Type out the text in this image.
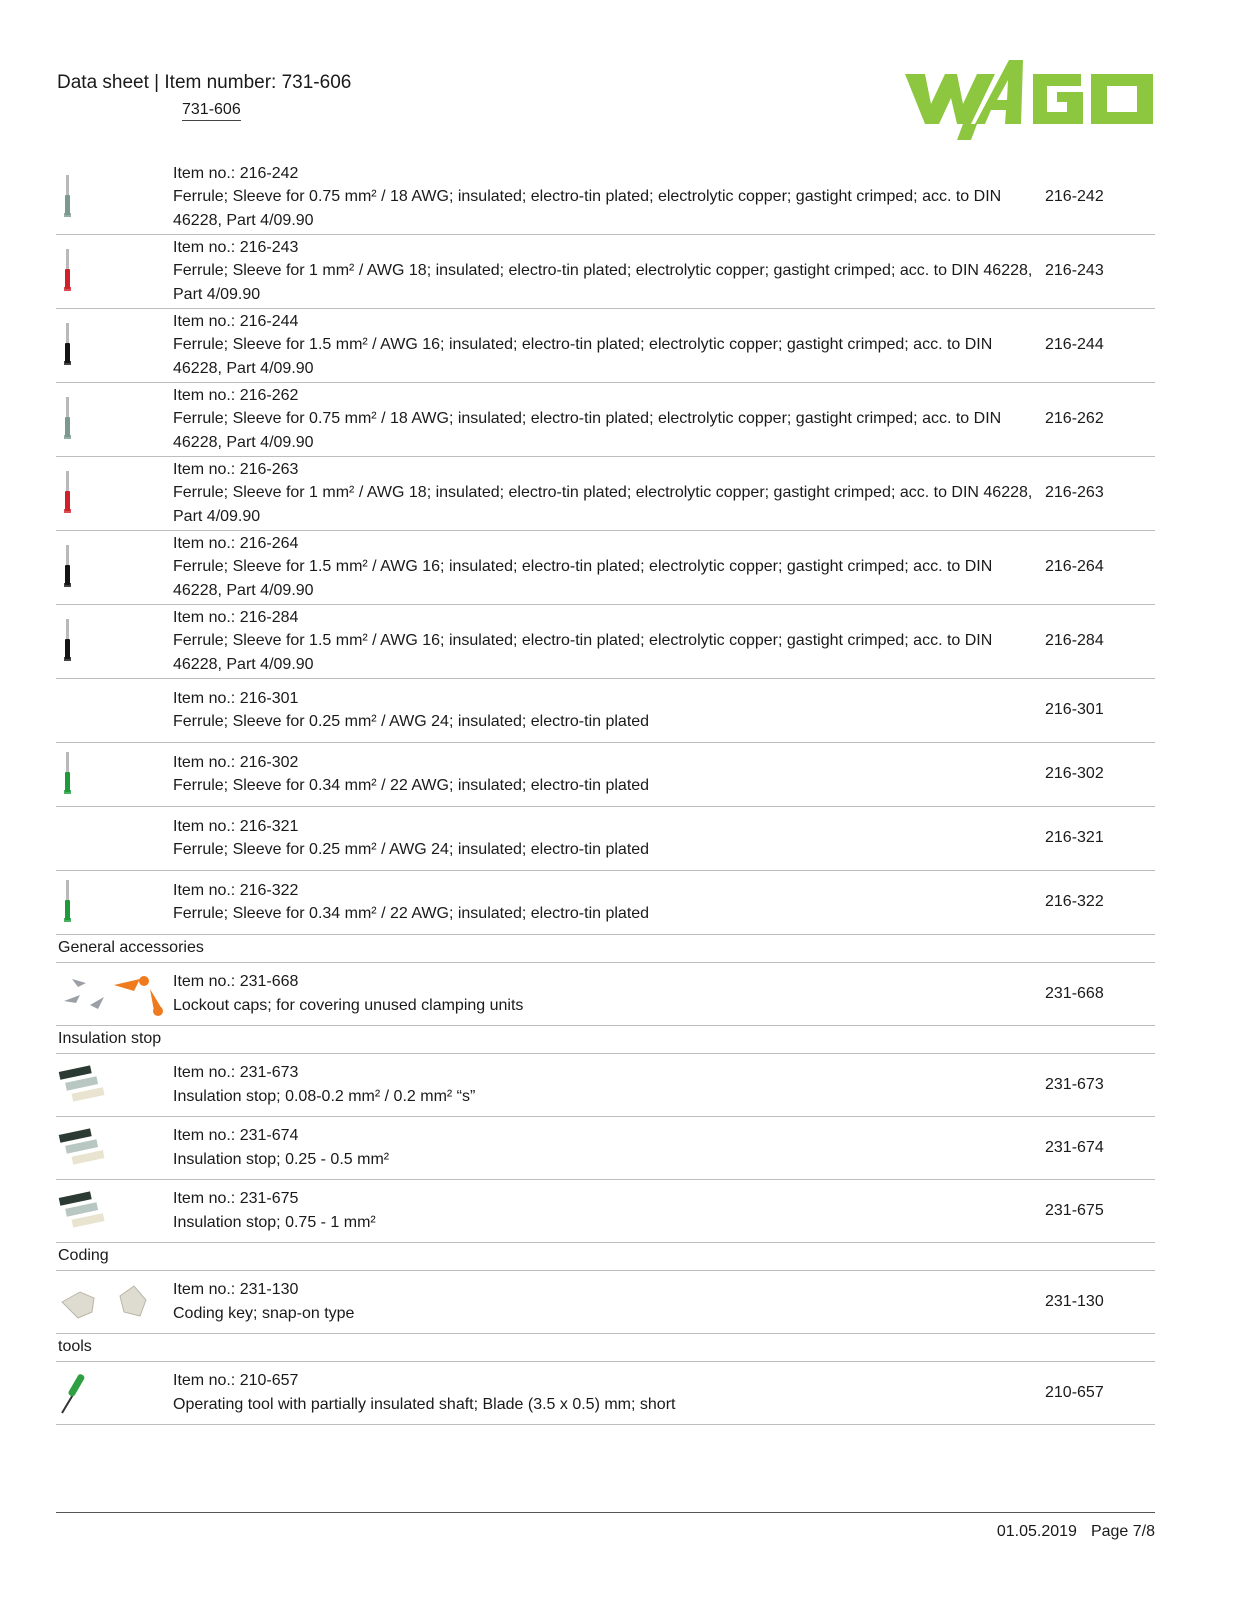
Data sheet | Item number: 731-606
731-606

Item no.: 216-242
Ferrule; Sleeve for 0.75 mm² / 18 AWG; insulated; electro-tin plated; electrolytic copper; gastight crimped; acc. to DIN 46228, Part 4/09.90	216-242

Item no.: 216-243
Ferrule; Sleeve for 1 mm² / AWG 18; insulated; electro-tin plated; electrolytic copper; gastight crimped; acc. to DIN 46228, Part 4/09.90	216-243

Item no.: 216-244
Ferrule; Sleeve for 1.5 mm² / AWG 16; insulated; electro-tin plated; electrolytic copper; gastight crimped; acc. to DIN 46228, Part 4/09.90	216-244

Item no.: 216-262
Ferrule; Sleeve for 0.75 mm² / 18 AWG; insulated; electro-tin plated; electrolytic copper; gastight crimped; acc. to DIN 46228, Part 4/09.90	216-262

Item no.: 216-263
Ferrule; Sleeve for 1 mm² / AWG 18; insulated; electro-tin plated; electrolytic copper; gastight crimped; acc. to DIN 46228, Part 4/09.90	216-263

Item no.: 216-264
Ferrule; Sleeve for 1.5 mm² / AWG 16; insulated; electro-tin plated; electrolytic copper; gastight crimped; acc. to DIN 46228, Part 4/09.90	216-264

Item no.: 216-284
Ferrule; Sleeve for 1.5 mm² / AWG 16; insulated; electro-tin plated; electrolytic copper; gastight crimped; acc. to DIN 46228, Part 4/09.90	216-284

	Item no.: 216-301
Ferrule; Sleeve for 0.25 mm² / AWG 24; insulated; electro-tin plated	216-301

Item no.: 216-302
Ferrule; Sleeve for 0.34 mm² / 22 AWG; insulated; electro-tin plated	216-302

	Item no.: 216-321
Ferrule; Sleeve for 0.25 mm² / AWG 24; insulated; electro-tin plated	216-321

Item no.: 216-322
Ferrule; Sleeve for 0.34 mm² / 22 AWG; insulated; electro-tin plated	216-322
General accessories		

Item no.: 231-668
Lockout caps; for covering unused clamping units	231-668
Insulation stop		

Item no.: 231-673
Insulation stop; 0.08-0.2 mm² / 0.2 mm² “s”	231-673

Item no.: 231-674
Insulation stop; 0.25 - 0.5 mm²	231-674

Item no.: 231-675
Insulation stop; 0.75 - 1 mm²	231-675
Coding		

Item no.: 231-130
Coding key; snap-on type	231-130
tools		

Item no.: 210-657
Operating tool with partially insulated shaft; Blade (3.5 x 0.5) mm; short	210-657
01.05.2019 Page 7/8
